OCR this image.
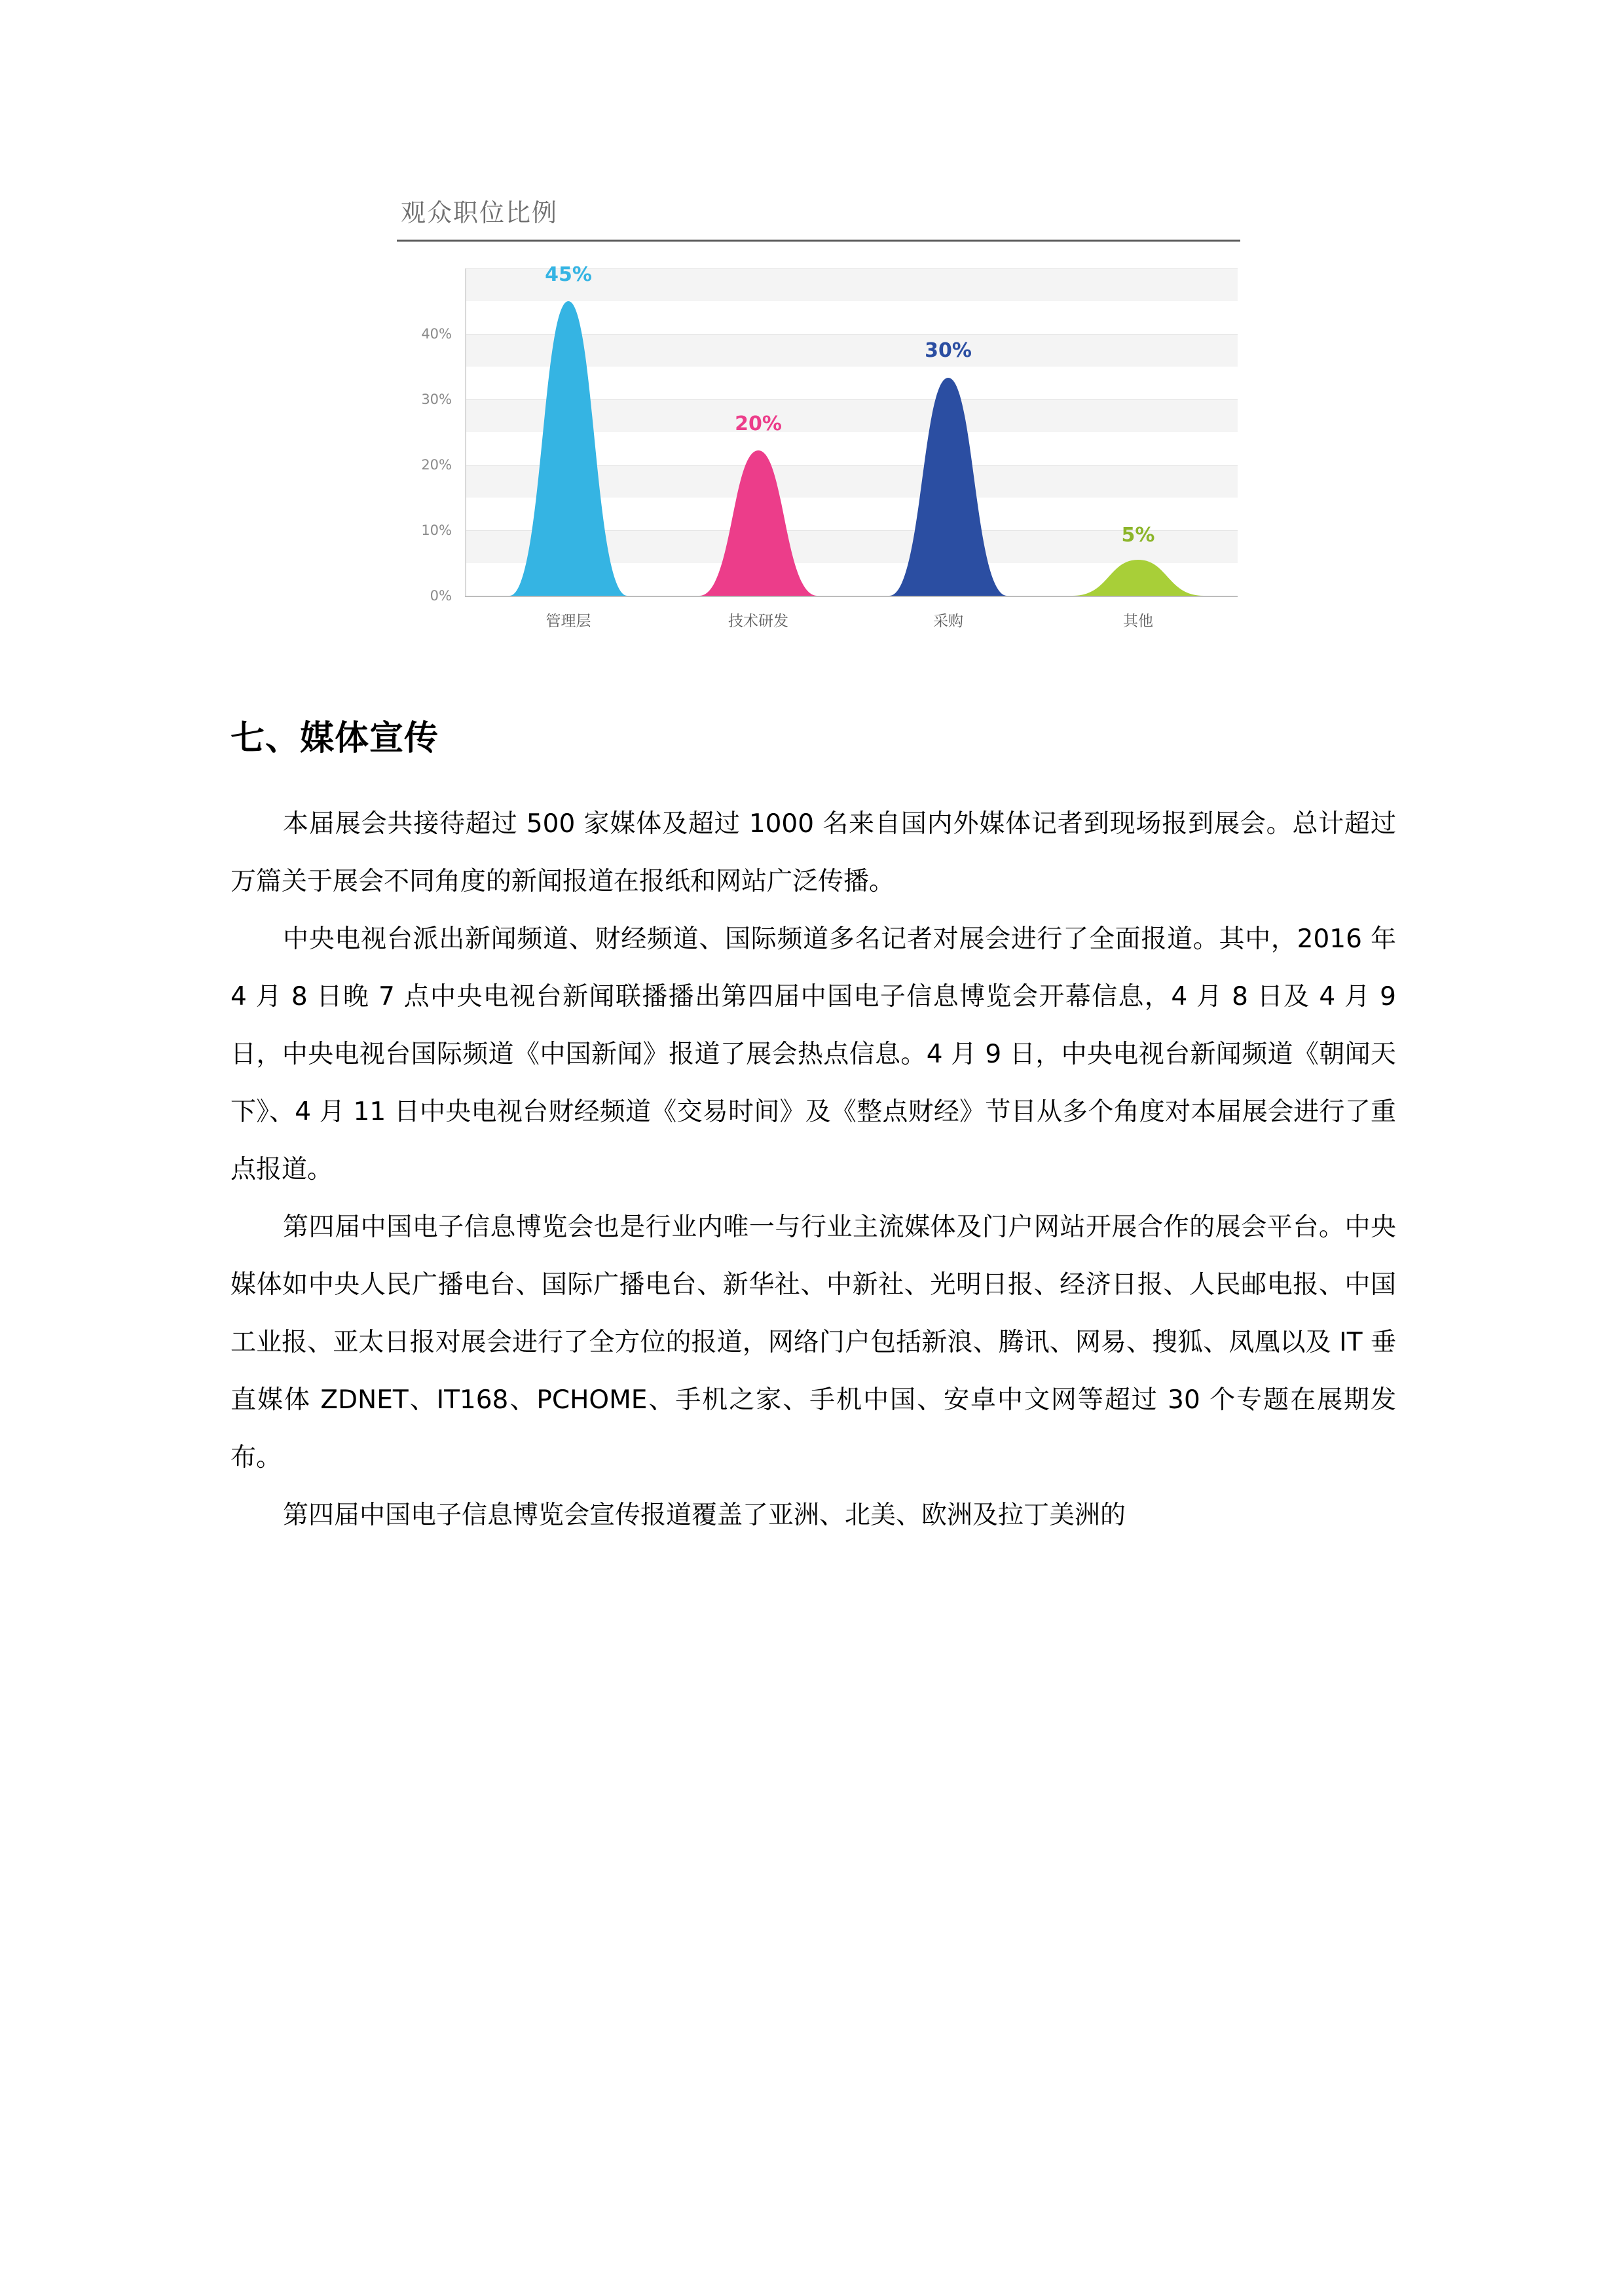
观众职位比例
0%
10%
20%
30%
40%
45%
管理层
20%
技术研发
30%
采购
5%
其他
七、媒体宣传

本届展会共接待超过 500 家媒体及超过 1000 名来自国内外媒体记者到现场报到展会。总计超过万篇关于展会不同角度的新闻报道在报纸和网站广泛传播。

中央电视台派出新闻频道、财经频道、国际频道多名记者对展会进行了全面报道。其中，2016 年 4 月 8 日晚 7 点中央电视台新闻联播播出第四届中国电子信息博览会开幕信息，4 月 8 日及 4 月 9 日，中央电视台国际频道《中国新闻》报道了展会热点信息。4 月 9 日，中央电视台新闻频道《朝闻天下》、4 月 11 日中央电视台财经频道《交易时间》及《整点财经》节目从多个角度对本届展会进行了重点报道。

第四届中国电子信息博览会也是行业内唯一与行业主流媒体及门户网站开展合作的展会平台。中央媒体如中央人民广播电台、国际广播电台、新华社、中新社、光明日报、经济日报、人民邮电报、中国工业报、亚太日报对展会进行了全方位的报道，网络门户包括新浪、腾讯、网易、搜狐、凤凰以及 IT 垂直媒体 ZDNET、IT168、PCHOME、手机之家、手机中国、安卓中文网等超过 30 个专题在展期发布。

第四届中国电子信息博览会宣传报道覆盖了亚洲、北美、欧洲及拉丁美洲的
